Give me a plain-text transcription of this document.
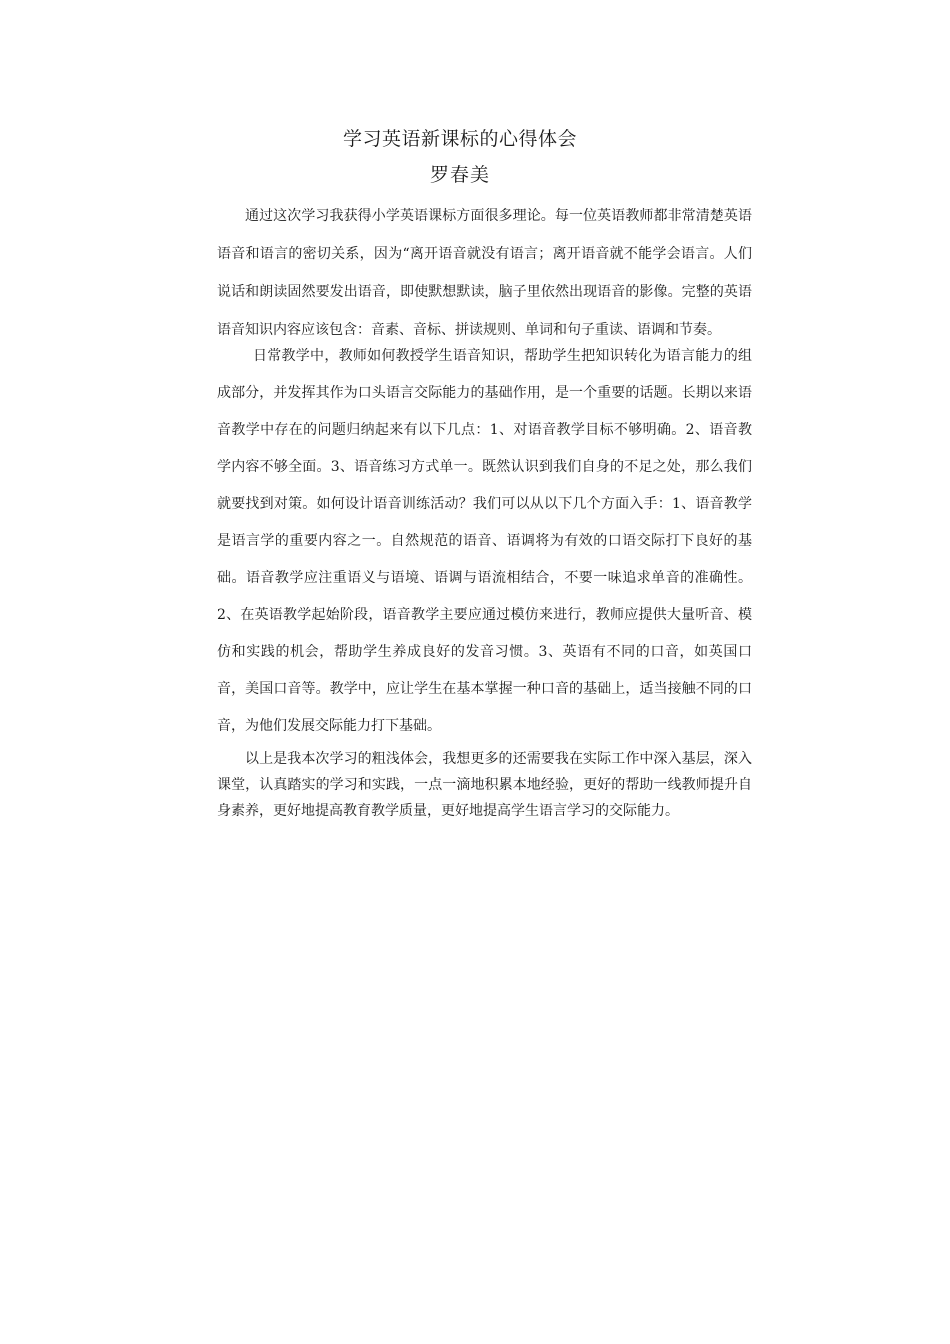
学习英语新课标的心得体会
罗春美

通过这次学习我获得小学英语课标方面很多理论。每一位英语教师都非常清楚英语语音和语言的密切关系，因为“离开语音就没有语言；离开语音就不能学会语言。人们说话和朗读固然要发出语音，即使默想默读，脑子里依然出现语音的影像。完整的英语语音知识内容应该包含：音素、音标、拼读规则、单词和句子重读、语调和节奏。

日常教学中，教师如何教授学生语音知识，帮助学生把知识转化为语言能力的组成部分，并发挥其作为口头语言交际能力的基础作用，是一个重要的话题。长期以来语音教学中存在的问题归纳起来有以下几点：1、对语音教学目标不够明确。2、语音教学内容不够全面。3、语音练习方式单一。既然认识到我们自身的不足之处，那么我们就要找到对策。如何设计语音训练活动？我们可以从以下几个方面入手：1、语音教学是语言学的重要内容之一。自然规范的语音、语调将为有效的口语交际打下良好的基础。语音教学应注重语义与语境、语调与语流相结合，不要一味追求单音的准确性。2、在英语教学起始阶段，语音教学主要应通过模仿来进行，教师应提供大量听音、模仿和实践的机会，帮助学生养成良好的发音习惯。3、英语有不同的口音，如英国口音，美国口音等。教学中，应让学生在基本掌握一种口音的基础上，适当接触不同的口音，为他们发展交际能力打下基础。

以上是我本次学习的粗浅体会，我想更多的还需要我在实际工作中深入基层，深入课堂，认真踏实的学习和实践，一点一滴地积累本地经验，更好的帮助一线教师提升自身素养，更好地提高教育教学质量，更好地提高学生语言学习的交际能力。
